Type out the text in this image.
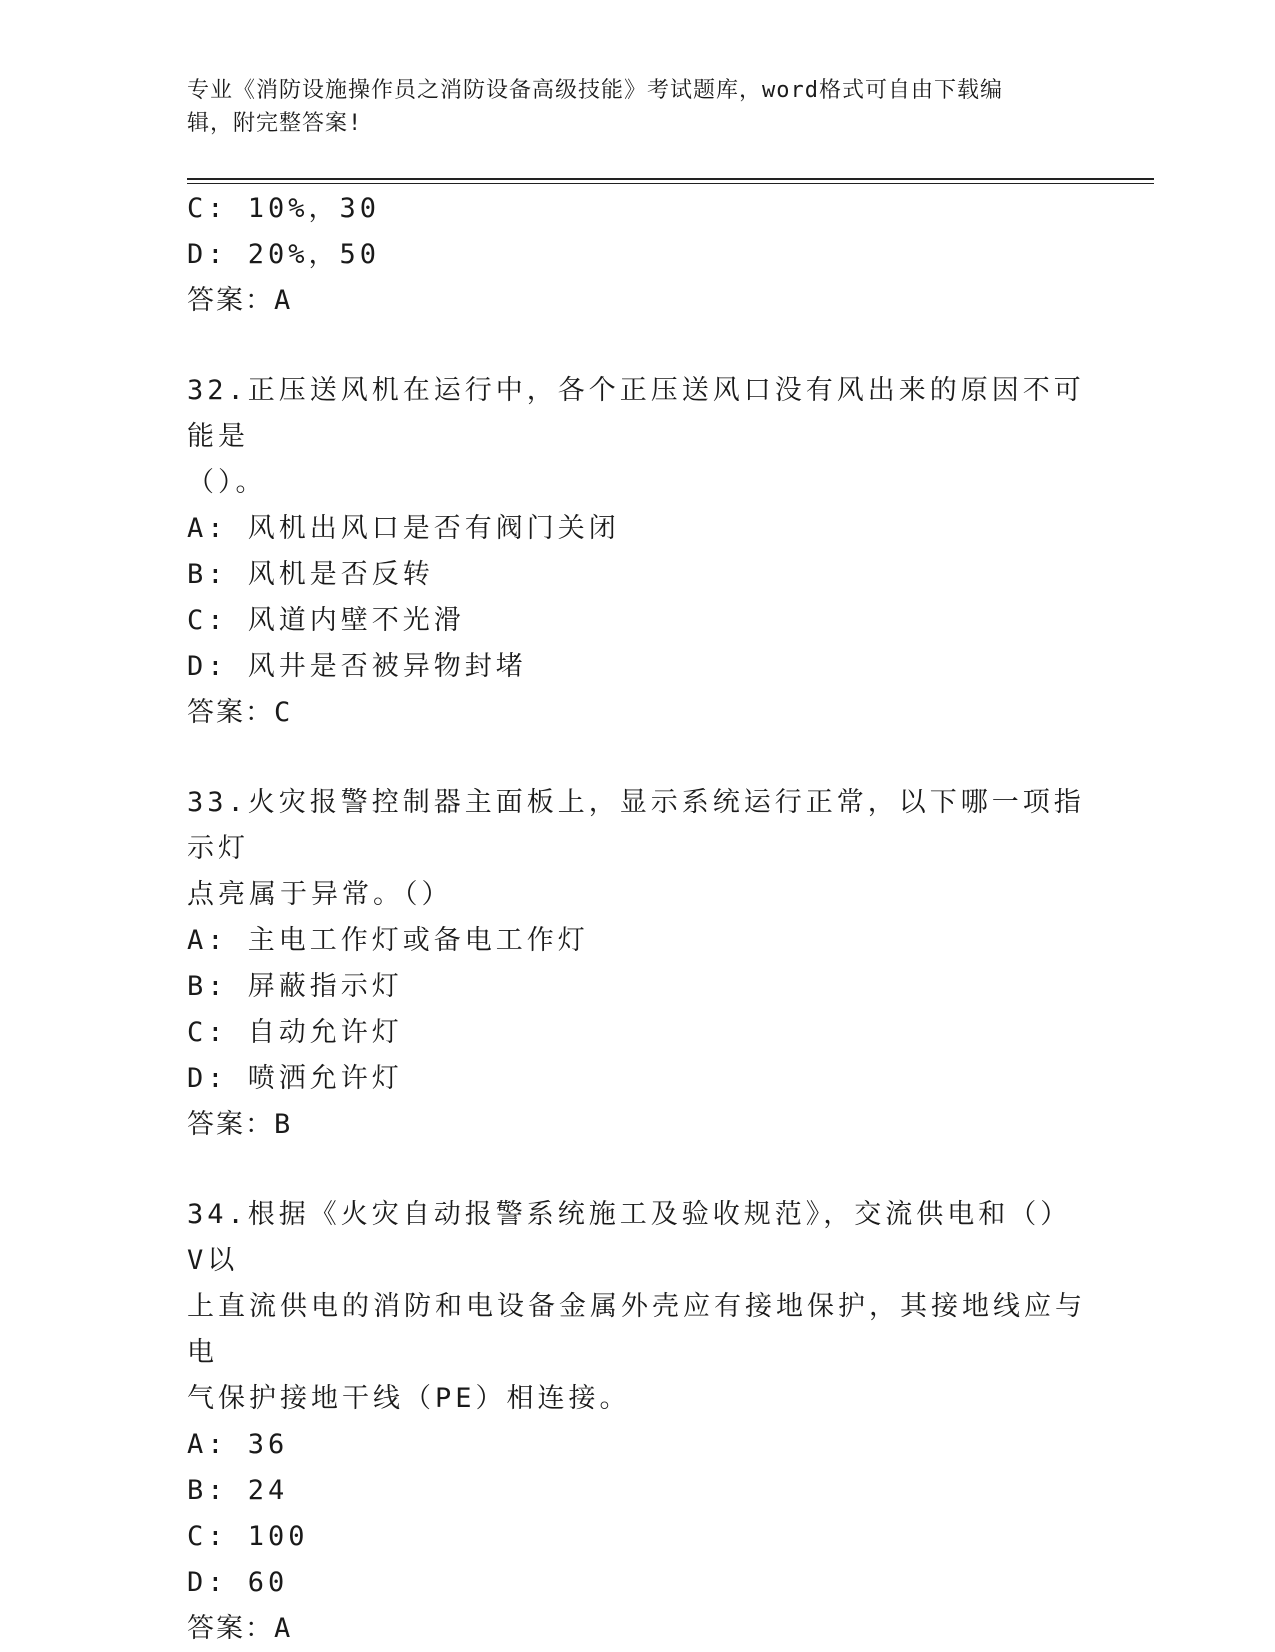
专业《消防设施操作员之消防设备高级技能》考试题库，word格式可自由下载编
辑，附完整答案!
C: 10%，30
D: 20%，50
答案：A
32.正压送风机在运行中，各个正压送风口没有风出来的原因不可能是
（）。
A: 风机出风口是否有阀门关闭
B: 风机是否反转
C: 风道内壁不光滑
D: 风井是否被异物封堵
答案：C
33.火灾报警控制器主面板上，显示系统运行正常，以下哪一项指示灯
点亮属于异常。（）
A: 主电工作灯或备电工作灯
B: 屏蔽指示灯
C: 自动允许灯
D: 喷洒允许灯
答案：B
34.根据《火灾自动报警系统施工及验收规范》，交流供电和（）V以
上直流供电的消防和电设备金属外壳应有接地保护，其接地线应与电
气保护接地干线（PE）相连接。
A: 36
B: 24
C: 100
D: 60
答案：A
